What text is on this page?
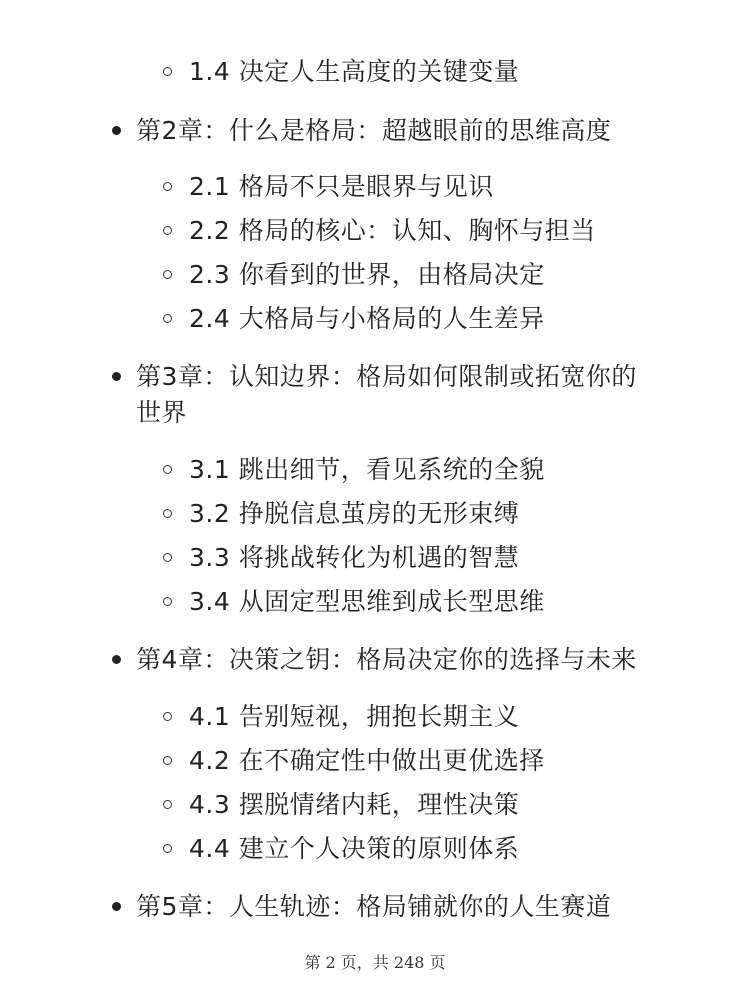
1.4 决定人生高度的关键变量
第2章：什么是格局：超越眼前的思维高度
2.1 格局不只是眼界与见识
2.2 格局的核心：认知、胸怀与担当
2.3 你看到的世界，由格局决定
2.4 大格局与小格局的人生差异
第3章：认知边界：格局如何限制或拓宽你的
世界
3.1 跳出细节，看见系统的全貌
3.2 挣脱信息茧房的无形束缚
3.3 将挑战转化为机遇的智慧
3.4 从固定型思维到成长型思维
第4章：决策之钥：格局决定你的选择与未来
4.1 告别短视，拥抱长期主义
4.2 在不确定性中做出更优选择
4.3 摆脱情绪内耗，理性决策
4.4 建立个人决策的原则体系
第5章：人生轨迹：格局铺就你的人生赛道
第 2 页，共 248 页
